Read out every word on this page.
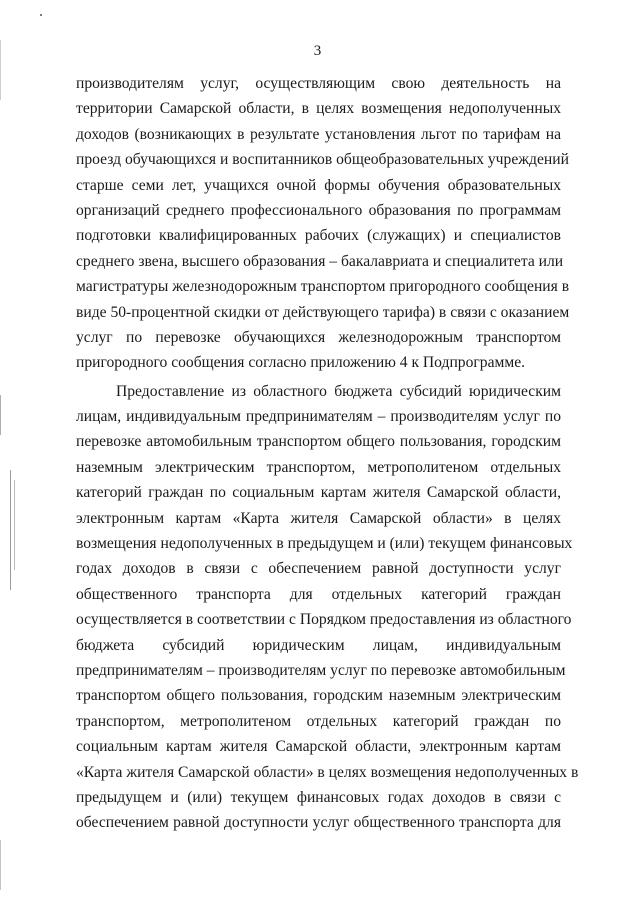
3
производителям услуг, осуществляющим свою деятельность на
территории Самарской области, в целях возмещения недополученных
доходов (возникающих в результате установления льгот по тарифам на
проезд обучающихся и воспитанников общеобразовательных учреждений
старше семи лет, учащихся очной формы обучения образовательных
организаций среднего профессионального образования по программам
подготовки квалифицированных рабочих (служащих) и специалистов
среднего звена, высшего образования – бакалавриата и специалитета или
магистратуры железнодорожным транспортом пригородного сообщения в
виде 50-процентной скидки от действующего тарифа) в связи с оказанием
услуг по перевозке обучающихся железнодорожным транспортом
пригородного сообщения согласно приложению 4 к Подпрограмме.
Предоставление из областного бюджета субсидий юридическим
лицам, индивидуальным предпринимателям – производителям услуг по
перевозке автомобильным транспортом общего пользования, городским
наземным электрическим транспортом, метрополитеном отдельных
категорий граждан по социальным картам жителя Самарской области,
электронным картам «Карта жителя Самарской области» в целях
возмещения недополученных в предыдущем и (или) текущем финансовых
годах доходов в связи с обеспечением равной доступности услуг
общественного транспорта для отдельных категорий граждан
осуществляется в соответствии с Порядком предоставления из областного
бюджета субсидий юридическим лицам, индивидуальным
предпринимателям – производителям услуг по перевозке автомобильным
транспортом общего пользования, городским наземным электрическим
транспортом, метрополитеном отдельных категорий граждан по
социальным картам жителя Самарской области, электронным картам
«Карта жителя Самарской области» в целях возмещения недополученных в
предыдущем и (или) текущем финансовых годах доходов в связи с
обеспечением равной доступности услуг общественного транспорта для
